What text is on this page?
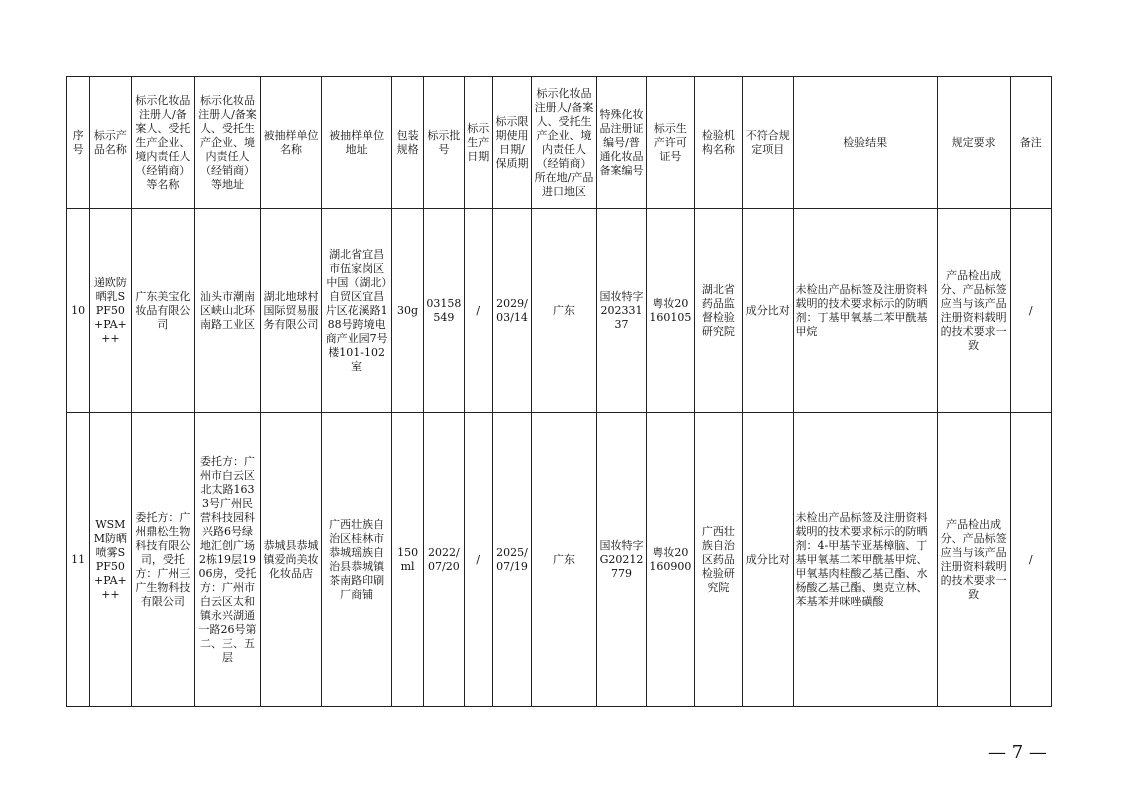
序号	标示产品名称	标示化妆品注册人/备案人、受托生产企业、境内责任人（经销商）等名称	标示化妆品注册人/备案人、受托生产企业、境内责任人（经销商）等地址	被抽样单位名称	被抽样单位地址	包装规格	标示批号	标示生产日期	标示限期使用日期/保质期	标示化妆品注册人/备案人、受托生产企业、境内责任人（经销商）所在地/产品进口地区	特殊化妆品注册证编号/普通化妆品备案编号	标示生产许可证号	检验机构名称	不符合规定项目	检验结果	规定要求	备注
10	递欧防晒乳SPF50+PA+++	广东美宝化妆品有限公司	汕头市潮南区峡山北环南路工业区	湖北地球村国际贸易服务有限公司	湖北省宜昌市伍家岗区中国（湖北）自贸区宜昌片区花溪路188号跨境电商产业园7号楼101-102室	30g	03158549	/	2029/03/14	广东	国妆特字20233137	粤妆20160105	湖北省药品监督检验研究院	成分比对	未检出产品标签及注册资料载明的技术要求标示的防晒剂：丁基甲氧基二苯甲酰基甲烷	产品检出成分、产品标签应当与该产品注册资料载明的技术要求一致	/
11	WSMM防晒喷雾SPF50+PA+++	委托方：广州鼎松生物科技有限公司，受托方：广州三广生物科技有限公司	委托方：广州市白云区北太路1633号广州民营科技园科兴路6号绿地汇创广场2栋19层1906房，受托方：广州市白云区太和镇永兴湖通一路26号第二、三、五层	恭城县恭城镇爱尚美妆化妆品店	广西壮族自治区桂林市恭城瑶族自治县恭城镇茶南路印刷厂商铺	150ml	2022/07/20	/	2025/07/19	广东	国妆特字G20212779	粤妆20160900	广西壮族自治区药品检验研究院	成分比对	未检出产品标签及注册资料载明的技术要求标示的防晒剂：4-甲基苄亚基樟脑、丁基甲氧基二苯甲酰基甲烷、甲氧基肉桂酸乙基己酯、水杨酸乙基己酯、奥克立林、苯基苯并咪唑磺酸	产品检出成分、产品标签应当与该产品注册资料载明的技术要求一致	/
— 7 —
